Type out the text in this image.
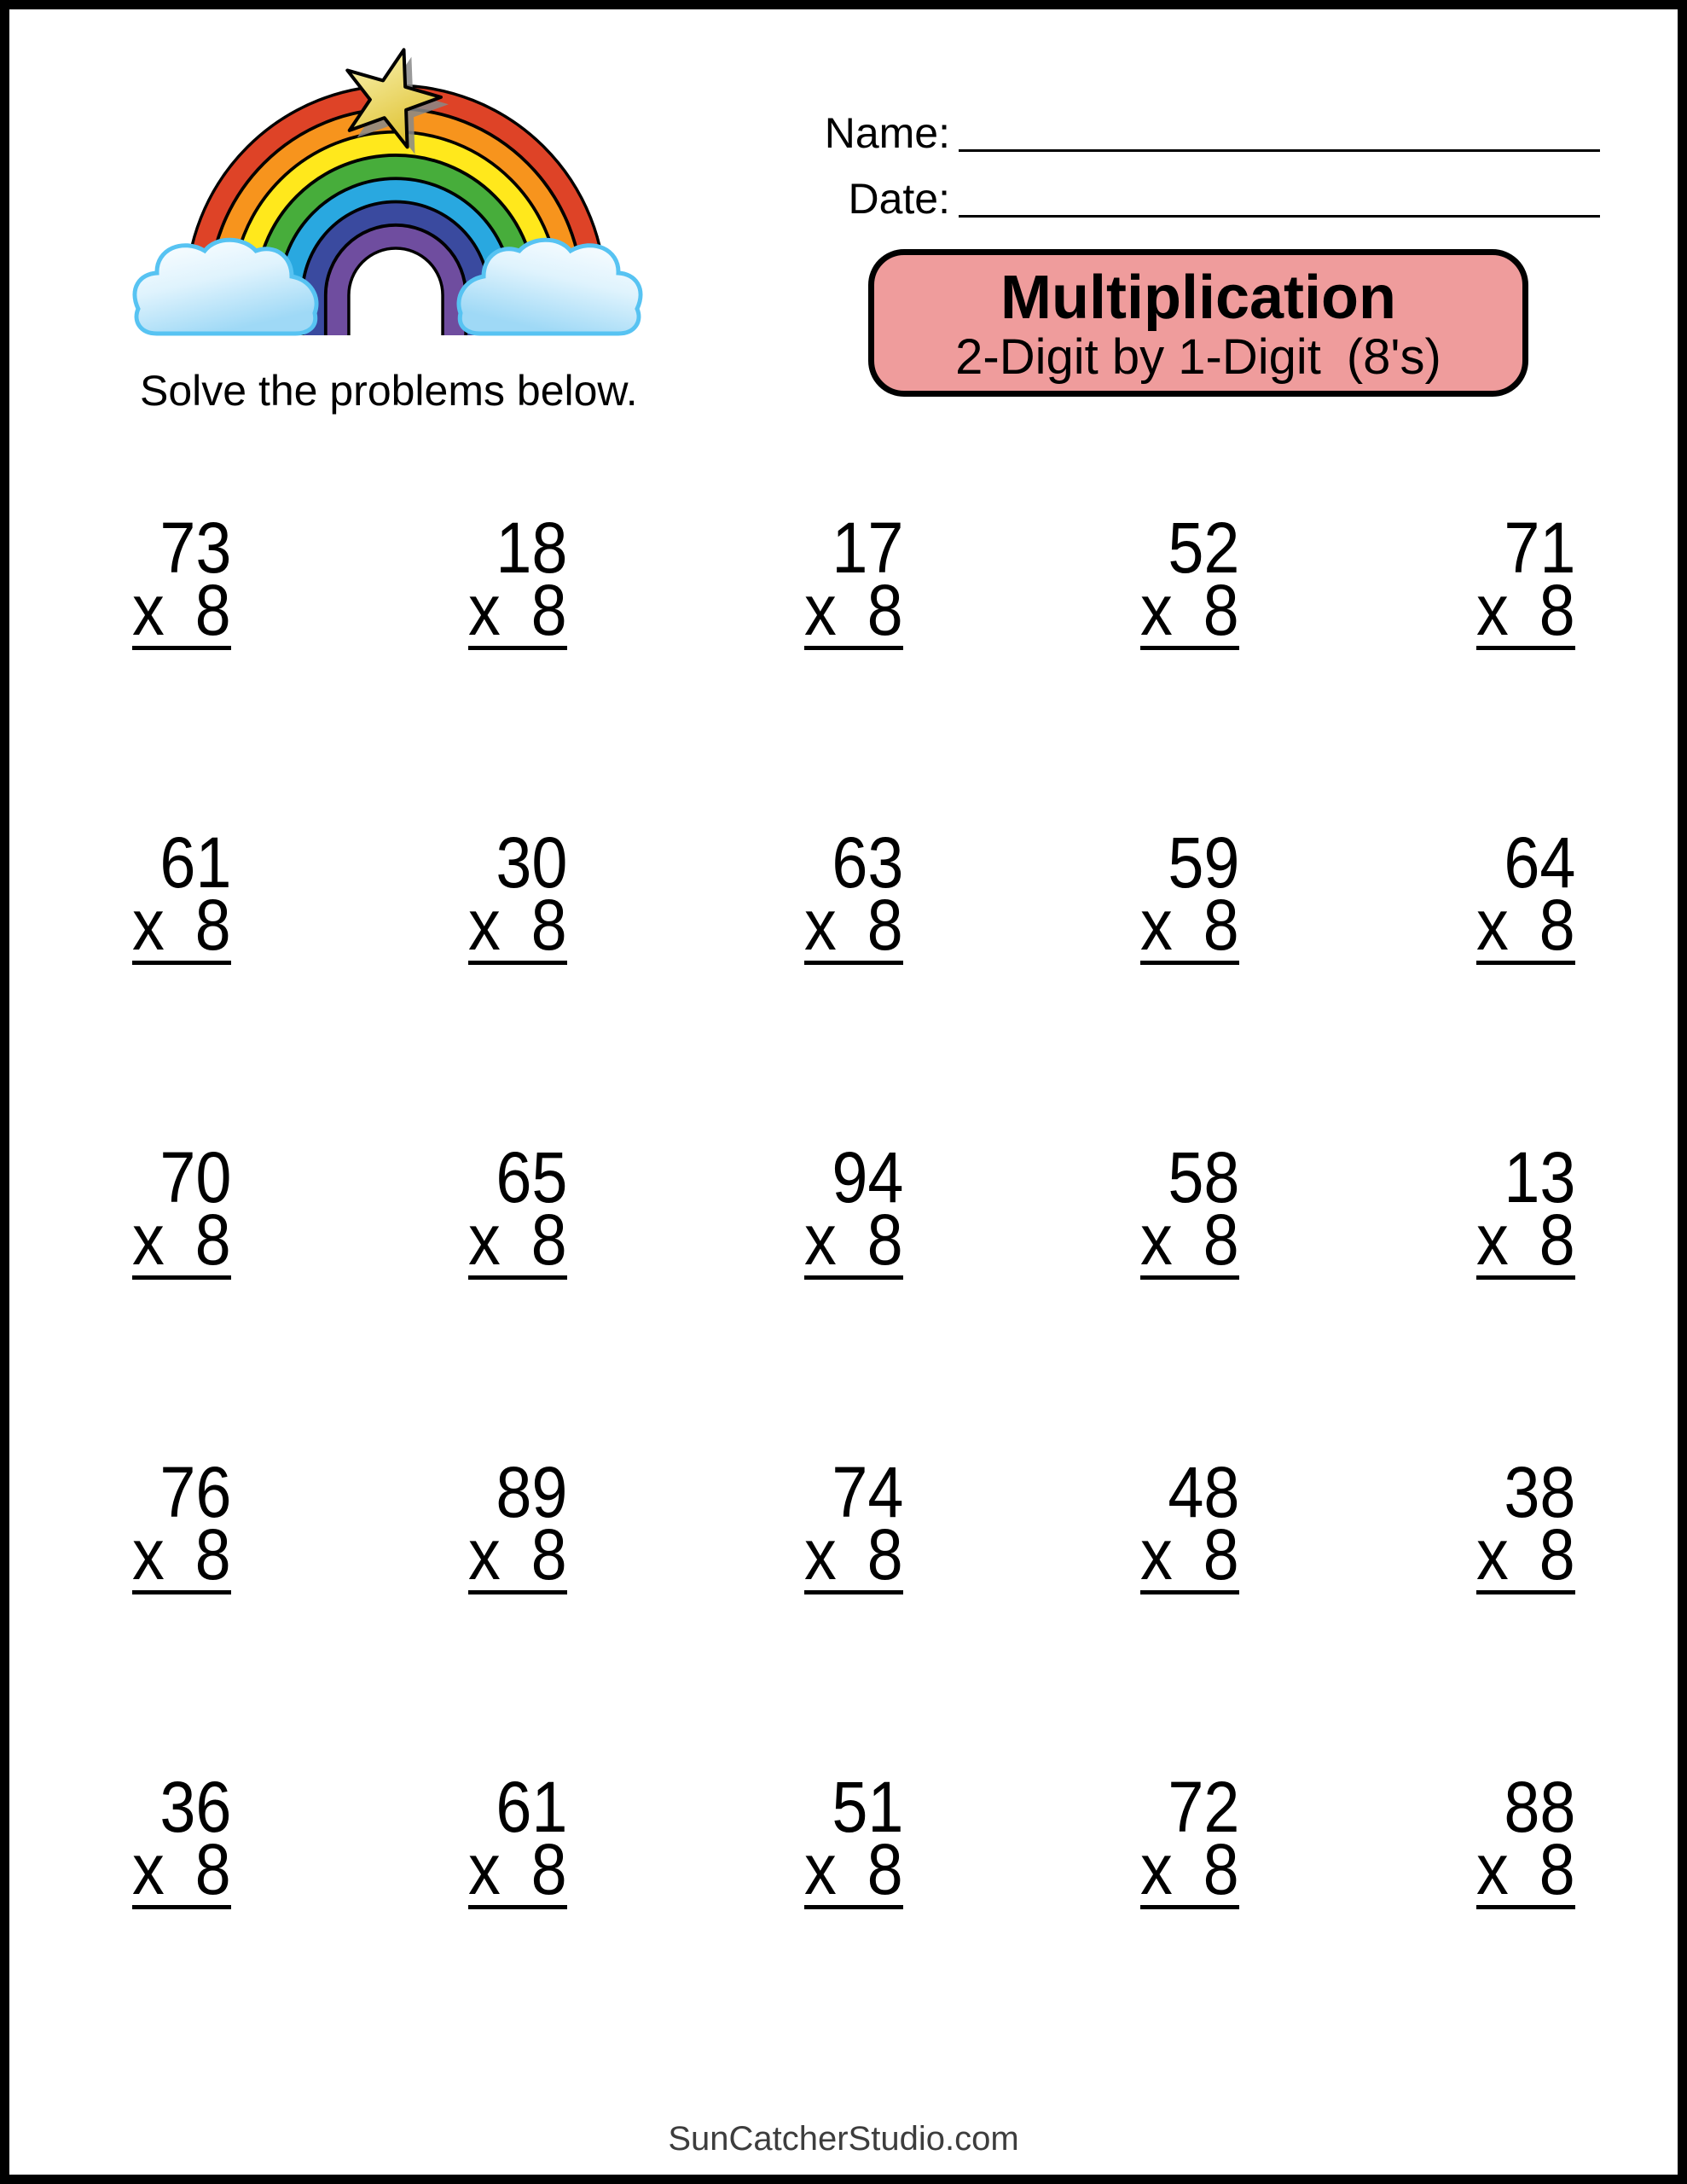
Solve the problems below.
Name:
Date:
Multiplication
2-Digit by 1-Digit (8's)
73
x 8
18
x 8
17
x 8
52
x 8
71
x 8
61
x 8
30
x 8
63
x 8
59
x 8
64
x 8
70
x 8
65
x 8
94
x 8
58
x 8
13
x 8
76
x 8
89
x 8
74
x 8
48
x 8
38
x 8
36
x 8
61
x 8
51
x 8
72
x 8
88
x 8
SunCatcherStudio.com
